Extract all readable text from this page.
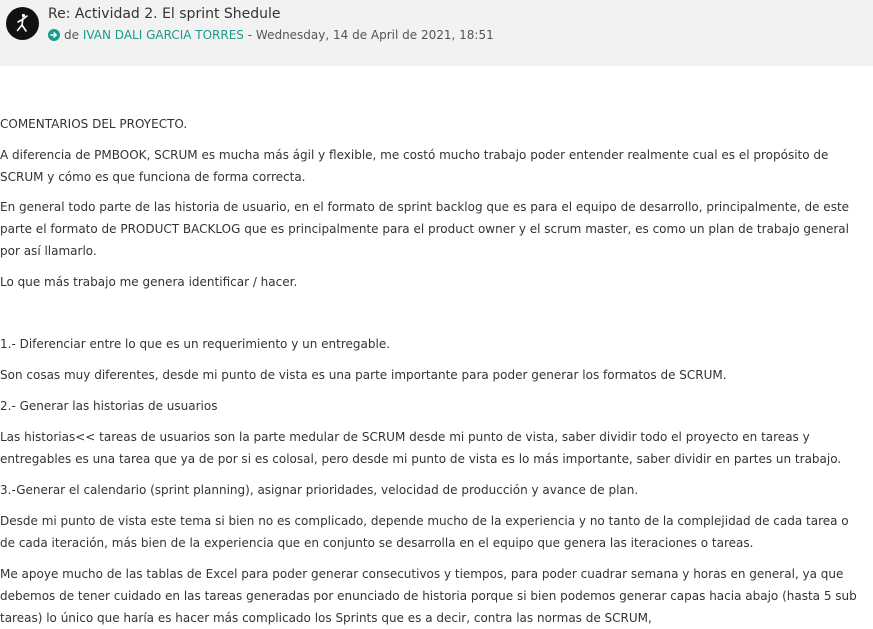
Re: Actividad 2. El sprint Shedule
de IVAN DALI GARCIA TORRES - Wednesday, 14 de April de 2021, 18:51

COMENTARIOS DEL PROYECTO.

A diferencia de PMBOOK, SCRUM es mucha más ágil y flexible, me costó mucho trabajo poder entender realmente cual es el propósito de SCRUM y cómo es que funciona de forma correcta.

En general todo parte de las historia de usuario, en el formato de sprint backlog que es para el equipo de desarrollo, principalmente, de este parte el formato de PRODUCT BACKLOG que es principalmente para el product owner y el scrum master, es como un plan de trabajo general por así llamarlo.

Lo que más trabajo me genera identificar / hacer.

1.- Diferenciar entre lo que es un requerimiento y un entregable.

Son cosas muy diferentes, desde mi punto de vista es una parte importante para poder generar los formatos de SCRUM.

2.- Generar las historias de usuarios

Las historias<< tareas de usuarios son la parte medular de SCRUM desde mi punto de vista, saber dividir todo el proyecto en tareas y entregables es una tarea que ya de por si es colosal, pero desde mi punto de vista es lo más importante, saber dividir en partes un trabajo.

3.-Generar el calendario (sprint planning), asignar prioridades, velocidad de producción y avance de plan.

Desde mi punto de vista este tema si bien no es complicado, depende mucho de la experiencia y no tanto de la complejidad de cada tarea o de cada iteración, más bien de la experiencia que en conjunto se desarrolla en el equipo que genera las iteraciones o tareas.

Me apoye mucho de las tablas de Excel para poder generar consecutivos y tiempos, para poder cuadrar semana y horas en general, ya que debemos de tener cuidado en las tareas generadas por enunciado de historia porque si bien podemos generar capas hacia abajo (hasta 5 sub tareas) lo único que haría es hacer más complicado los Sprints que es a decir, contra las normas de SCRUM,
